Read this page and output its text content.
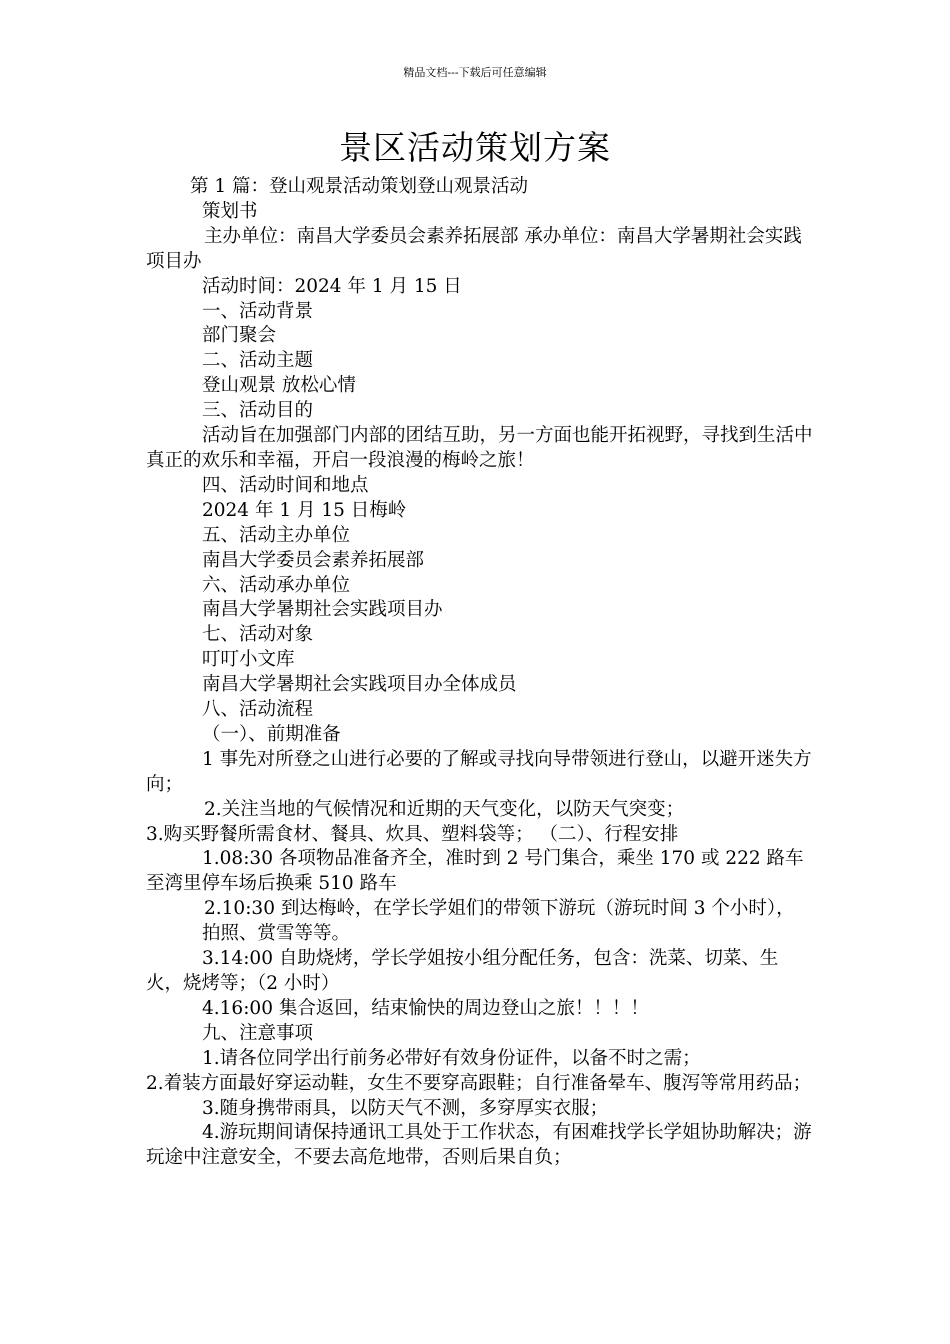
精品文档---下载后可任意编辑
景区活动策划方案

第 1 篇：登山观景活动策划登山观景活动

策划书

主办单位：南昌大学委员会素养拓展部 承办单位：南昌大学暑期社会实践项目办

活动时间：2024 年 1 月 15 日

一、活动背景

部门聚会

二、活动主题

登山观景 放松心情

三、活动目的

活动旨在加强部门内部的团结互助，另一方面也能开拓视野，寻找到生活中真正的欢乐和幸福，开启一段浪漫的梅岭之旅！

四、活动时间和地点

2024 年 1 月 15 日梅岭

五、活动主办单位

南昌大学委员会素养拓展部

六、活动承办单位

南昌大学暑期社会实践项目办

七、活动对象

叮叮小文库

南昌大学暑期社会实践项目办全体成员

八、活动流程

（一）、前期准备

1 事先对所登之山进行必要的了解或寻找向导带领进行登山，以避开迷失方向；

2.关注当地的气候情况和近期的天气变化，以防天气突变；

3.购买野餐所需食材、餐具、炊具、塑料袋等； （二）、行程安排

1.08:30 各项物品准备齐全，准时到 2 号门集合，乘坐 170 或 222 路车至湾里停车场后换乘 510 路车

2.10:30 到达梅岭，在学长学姐们的带领下游玩（游玩时间 3 个小时），

拍照、赏雪等等。

3.14:00 自助烧烤，学长学姐按小组分配任务，包含：洗菜、切菜、生火，烧烤等；（2 小时）

4.16:00 集合返回，结束愉快的周边登山之旅！！！！

九、注意事项

1.请各位同学出行前务必带好有效身份证件，以备不时之需；

2.着装方面最好穿运动鞋，女生不要穿高跟鞋；自行准备晕车、腹泻等常用药品；

3.随身携带雨具，以防天气不测，多穿厚实衣服；

4.游玩期间请保持通讯工具处于工作状态，有困难找学长学姐协助解决；游玩途中注意安全，不要去高危地带，否则后果自负；
